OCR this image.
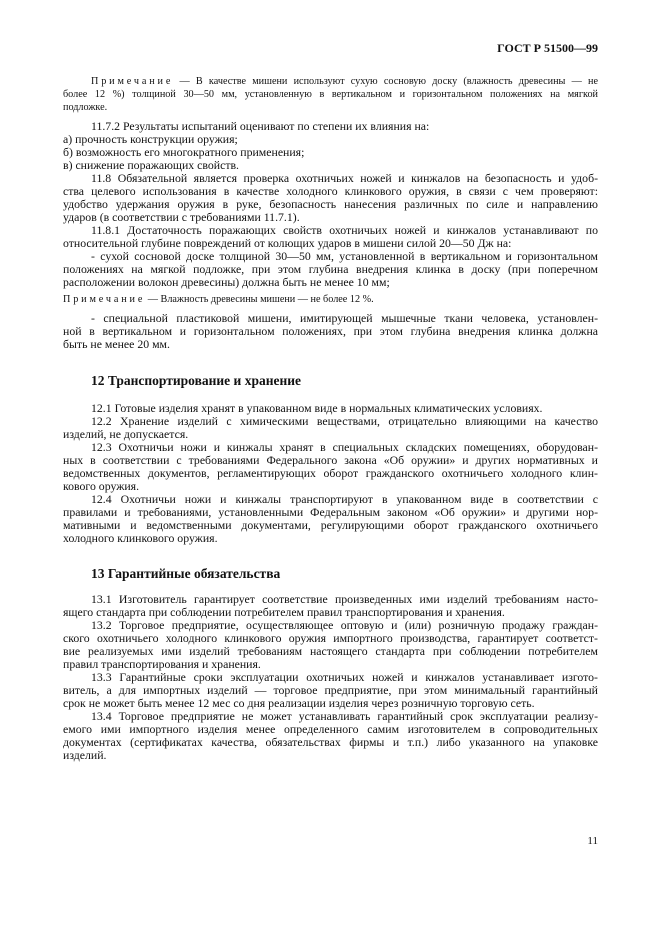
ГОСТ Р 51500—99
Примечание — В качестве мишени используют сухую сосновую доску (влажность древесины — не
более 12 %) толщиной 30—50 мм, установленную в вертикальном и горизонтальном положениях на мягкой
подложке.
11.7.2 Результаты испытаний оценивают по степени их влияния на:
а) прочность конструкции оружия;
б) возможность его многократного применения;
в) снижение поражающих свойств.
11.8 Обязательной является проверка охотничьих ножей и кинжалов на безопасность и удоб-
ства целевого использования в качестве холодного клинкового оружия, в связи с чем проверяют:
удобство удержания оружия в руке, безопасность нанесения различных по силе и направлению
ударов (в соответствии с требованиями 11.7.1).
11.8.1 Достаточность поражающих свойств охотничьих ножей и кинжалов устанавливают по
относительной глубине повреждений от колющих ударов в мишени силой 20—50 Дж на:
- сухой сосновой доске толщиной 30—50 мм, установленной в вертикальном и горизонтальном
положениях на мягкой подложке, при этом глубина внедрения клинка в доску (при поперечном
расположении волокон древесины) должна быть не менее 10 мм;
Примечание — Влажность древесины мишени — не более 12 %.
- специальной пластиковой мишени, имитирующей мышечные ткани человека, установлен-
ной в вертикальном и горизонтальном положениях, при этом глубина внедрения клинка должна
быть не менее 20 мм.
12 Транспортирование и хранение
12.1 Готовые изделия хранят в упакованном виде в нормальных климатических условиях.
12.2 Хранение изделий с химическими веществами, отрицательно влияющими на качество
изделий, не допускается.
12.3 Охотничьи ножи и кинжалы хранят в специальных складских помещениях, оборудован-
ных в соответствии с требованиями Федерального закона «Об оружии» и других нормативных и
ведомственных документов, регламентирующих оборот гражданского охотничьего холодного клин-
кового оружия.
12.4 Охотничьи ножи и кинжалы транспортируют в упакованном виде в соответствии с
правилами и требованиями, установленными Федеральным законом «Об оружии» и другими нор-
мативными и ведомственными документами, регулирующими оборот гражданского охотничьего
холодного клинкового оружия.
13 Гарантийные обязательства
13.1 Изготовитель гарантирует соответствие произведенных ими изделий требованиям насто-
ящего стандарта при соблюдении потребителем правил транспортирования и хранения.
13.2 Торговое предприятие, осуществляющее оптовую и (или) розничную продажу граждан-
ского охотничьего холодного клинкового оружия импортного производства, гарантирует соответст-
вие реализуемых ими изделий требованиям настоящего стандарта при соблюдении потребителем
правил транспортирования и хранения.
13.3 Гарантийные сроки эксплуатации охотничьих ножей и кинжалов устанавливает изгото-
витель, а для импортных изделий — торговое предприятие, при этом минимальный гарантийный
срок не может быть менее 12 мес со дня реализации изделия через розничную торговую сеть.
13.4 Торговое предприятие не может устанавливать гарантийный срок эксплуатации реализу-
емого ими импортного изделия менее определенного самим изготовителем в сопроводительных
документах (сертификатах качества, обязательствах фирмы и т.п.) либо указанного на упаковке
изделий.
11
